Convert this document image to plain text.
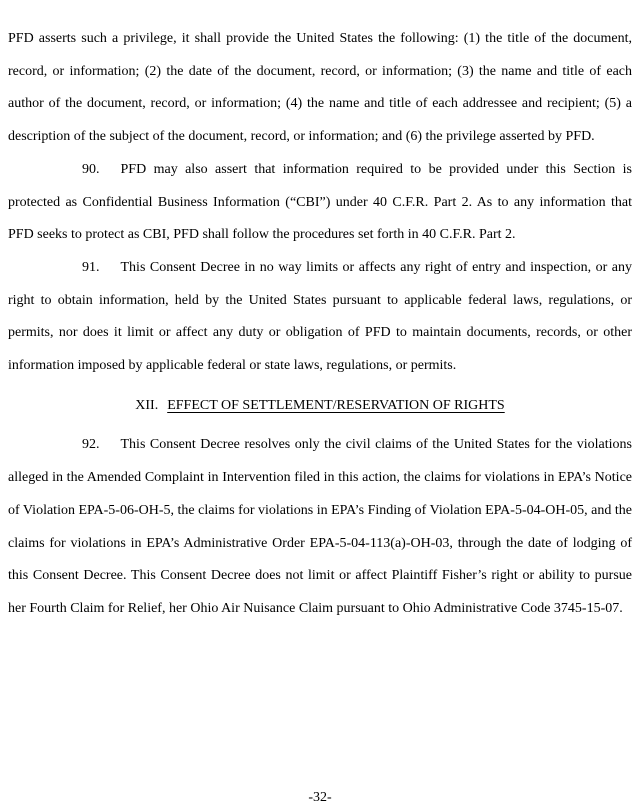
PFD asserts such a privilege, it shall provide the United States the following: (1) the title of the document, record, or information; (2) the date of the document, record, or information; (3) the name and title of each author of the document, record, or information; (4) the name and title of each addressee and recipient; (5) a description of the subject of the document, record, or information; and (6) the privilege asserted by PFD.

90. PFD may also assert that information required to be provided under this Section is protected as Confidential Business Information (“CBI”) under 40 C.F.R. Part 2. As to any information that PFD seeks to protect as CBI, PFD shall follow the procedures set forth in 40 C.F.R. Part 2.

91. This Consent Decree in no way limits or affects any right of entry and inspection, or any right to obtain information, held by the United States pursuant to applicable federal laws, regulations, or permits, nor does it limit or affect any duty or obligation of PFD to maintain documents, records, or other information imposed by applicable federal or state laws, regulations, or permits.

XII. EFFECT OF SETTLEMENT/RESERVATION OF RIGHTS

92. This Consent Decree resolves only the civil claims of the United States for the violations alleged in the Amended Complaint in Intervention filed in this action, the claims for violations in EPA’s Notice of Violation EPA-5-06-OH-5, the claims for violations in EPA’s Finding of Violation EPA-5-04-OH-05, and the claims for violations in EPA’s Administrative Order EPA-5-04-113(a)-OH-03, through the date of lodging of this Consent Decree. This Consent Decree does not limit or affect Plaintiff Fisher’s right or ability to pursue her Fourth Claim for Relief, her Ohio Air Nuisance Claim pursuant to Ohio Administrative Code 3745-15-07.

-32-
